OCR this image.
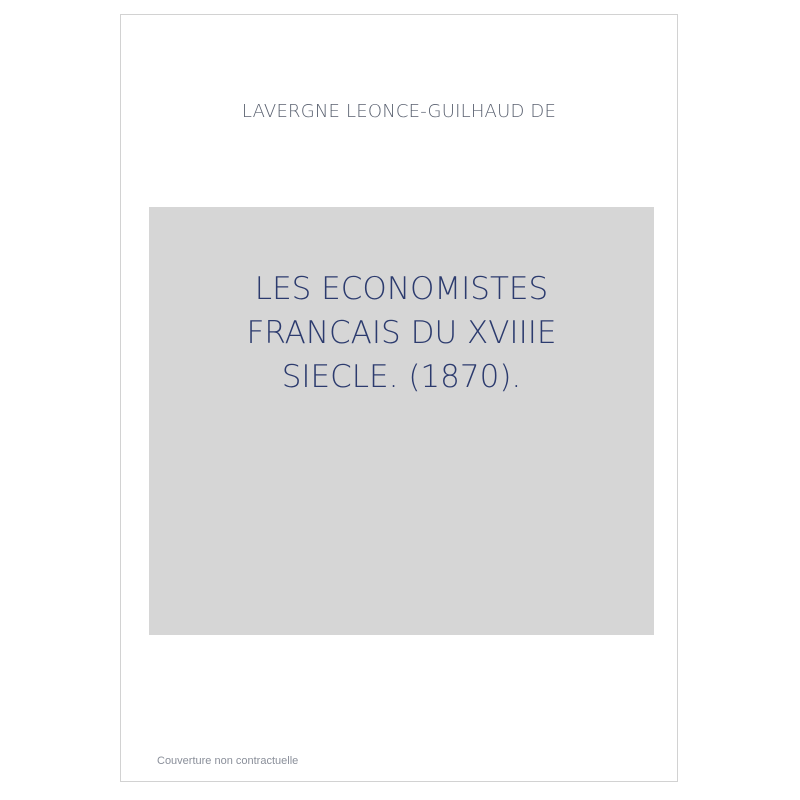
LAVERGNE LEONCE-GUILHAUD DE
LES ECONOMISTES
FRANCAIS DU XVIIIE
SIECLE. (1870).
Couverture non contractuelle
